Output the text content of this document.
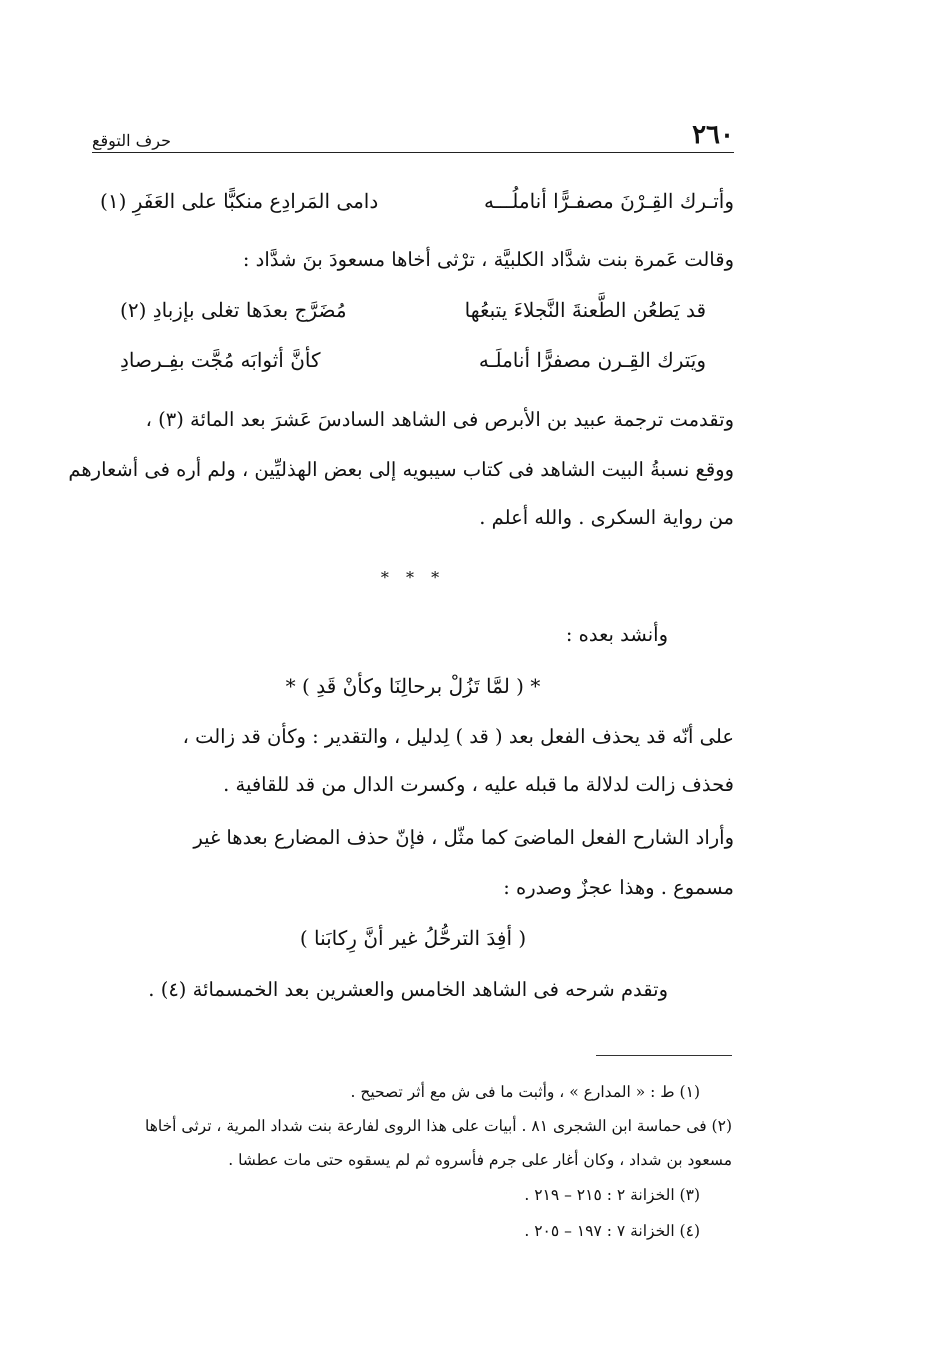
حرف التوقع	٢٦٠
وأتـرك القِـرْنَ مصفـرًّا أناملُـــه
دامى المَرادِع منكبًّا على العَفَرِ (١)
وقالت عَمرة بنت شدَّاد الكلبيَّة ، ترْثى أخاها مسعودَ بنَ شدَّاد :
قد يَطعُن الطَّعنةَ النَّجلاءَ يتبعُها
مُضَرَّج بعدَها تغلى بإزبادِ (٢)
ويَترك القِـرن مصفرًّا أناملَـه
كأنَّ أثوابَه مُجَّت بفِـرصادِ
وتقدمت ترجمة عبيد بن الأبرص فى الشاهد السادسَ عَشرَ بعد المائة (٣) ،
ووقع نسبةُ البيت الشاهد فى كتاب سيبويه إلى بعض الهذليِّين ، ولم أره فى أشعارهم
من رواية السكرى . والله أعلم .
* * *
وأنشد بعده :
* ( لمَّا تَزُلْ برحالِنَا وكأنْ قَدِ ) *
على أنّه قد يحذف الفعل بعد ( قد ) لِدليل ، والتقدير : وكأن قد زالت ،
فحذف زالت لدلالة ما قبله عليه ، وكسرت الدال من قد للقافية .
وأراد الشارح الفعل الماضىَ كما مثّل ، فإنّ حذف المضارع بعدها غير
مسموع . وهذا عجزٌ وصدره :
( أفِدَ الترحُّلُ غير أنَّ رِكابَنا )
وتقدم شرحه فى الشاهد الخامس والعشرين بعد الخمسمائة (٤) .
(١) ط : « المدارع » ، وأثبت ما فى ش مع أثر تصحيح .
(٢) فى حماسة ابن الشجرى ٨١ . أبيات على هذا الروى لفارعة بنت شداد المرية ، ترثى أخاها
مسعود بن شداد ، وكان أغار على جرم فأسروه ثم لم يسقوه حتى مات عطشا .
(٣) الخزانة ٢ : ٢١٥ – ٢١٩ .
(٤) الخزانة ٧ : ١٩٧ – ٢٠٥ .
